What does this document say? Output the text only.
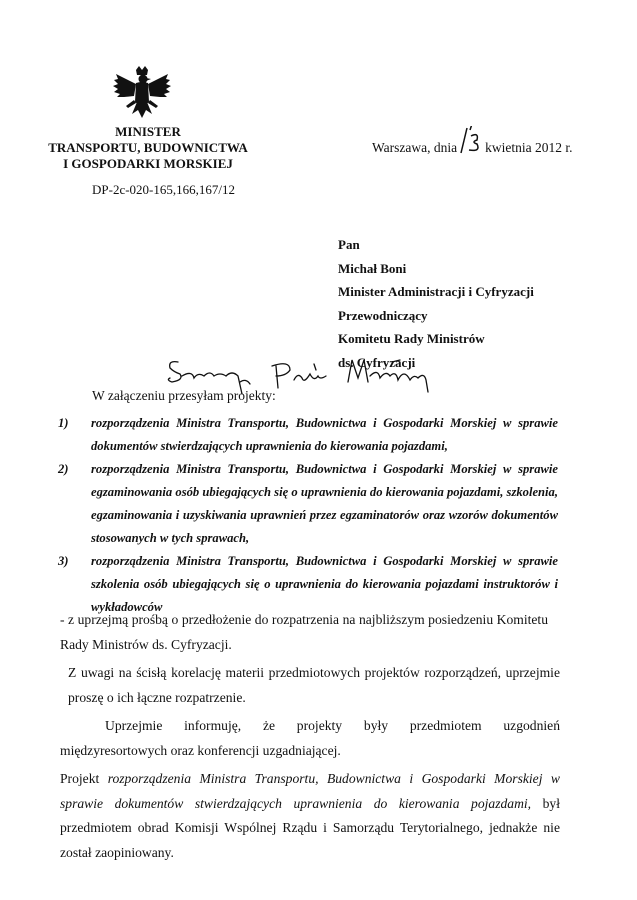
MINISTER
TRANSPORTU, BUDOWNICTWA
I GOSPODARKI MORSKIEJ
Warszawa, dnia kwietnia 2012 r.
DP-2c-020-165,166,167/12
Pan
Michał Boni
Minister Administracji i Cyfryzacji
Przewodniczący
Komitetu Rady Ministrów
ds. Cyfryzacji
W załączeniu przesyłam projekty:
1)	rozporządzenia Ministra Transportu, Budownictwa i Gospodarki Morskiej w sprawie dokumentów stwierdzających uprawnienia do kierowania pojazdami,
2)	rozporządzenia Ministra Transportu, Budownictwa i Gospodarki Morskiej w sprawie egzaminowania osób ubiegających się o uprawnienia do kierowania pojazdami, szkolenia, egzaminowania i uzyskiwania uprawnień przez egzaminatorów oraz wzorów dokumentów stosowanych w tych sprawach,
3)	rozporządzenia Ministra Transportu, Budownictwa i Gospodarki Morskiej w sprawie szkolenia osób ubiegających się o uprawnienia do kierowania pojazdami instruktorów i wykładowców

- z uprzejmą prośbą o przedłożenie do rozpatrzenia na najbliższym posiedzeniu Komitetu Rady Ministrów ds. Cyfryzacji.

Z uwagi na ścisłą korelację materii przedmiotowych projektów rozporządzeń, uprzejmie proszę o ich łączne rozpatrzenie.

Uprzejmie informuję, że projekty były przedmiotem uzgodnień międzyresortowych oraz konferencji uzgadniającej.

Projekt rozporządzenia Ministra Transportu, Budownictwa i Gospodarki Morskiej w sprawie dokumentów stwierdzających uprawnienia do kierowania pojazdami, był przedmiotem obrad Komisji Wspólnej Rządu i Samorządu Terytorialnego, jednakże nie został zaopiniowany.
